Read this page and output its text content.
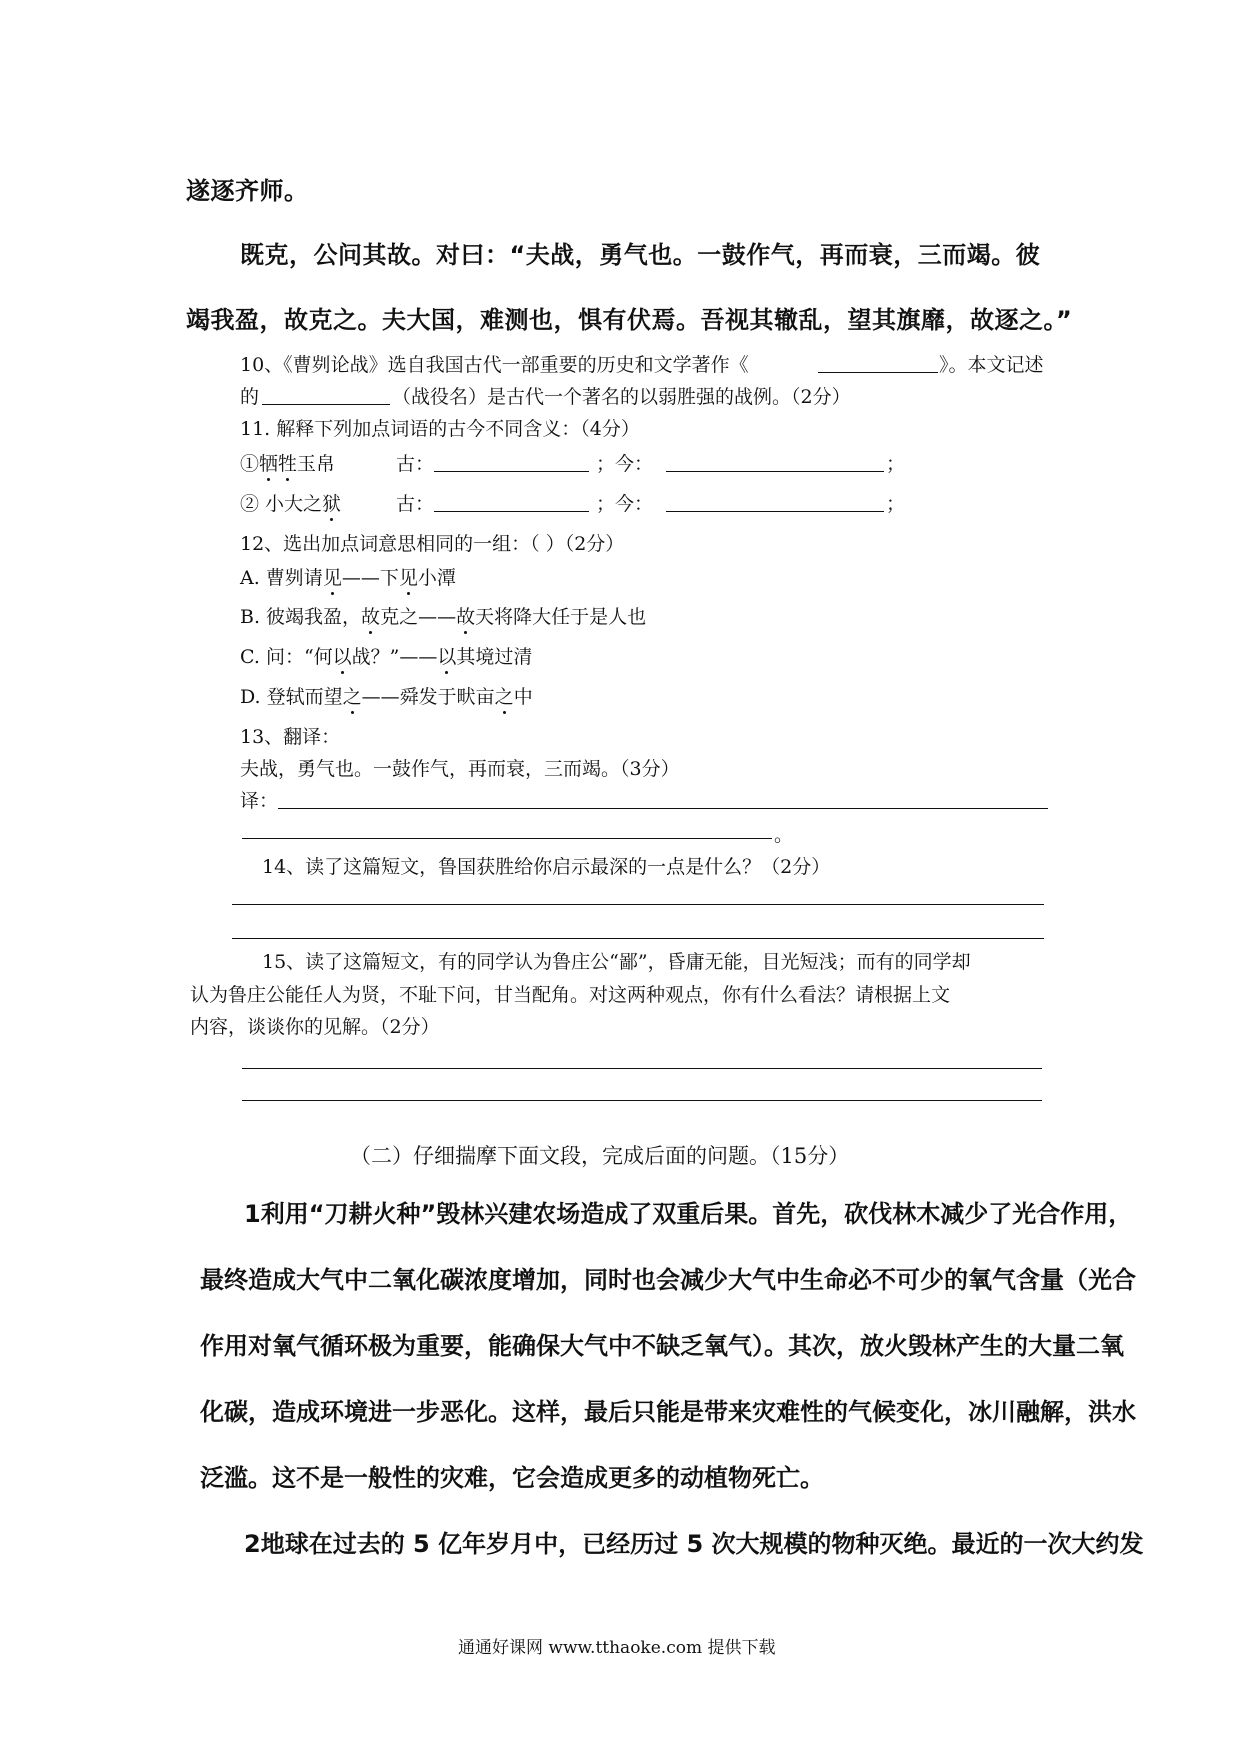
遂逐齐师。
既克，公问其故。对曰：“夫战，勇气也。一鼓作气，再而衰，三而竭。彼
竭我盈，故克之。夫大国，难测也，惧有伏焉。吾视其辙乱，望其旗靡，故逐之。”
10、《曹刿论战》选自我国古代一部重要的历史和文学著作《	》。本文记述
的	（战役名）是古代一个著名的以弱胜强的战例。（2分）
11. 解释下列加点词语的古今不同含义：（4分）
①牺牲玉帛	古：	；今：	；
② 小大之狱	古：	；今：	；
12、选出加点词意思相同的一组：（ ）（2分）
A. 曹刿请见——下见小潭
B. 彼竭我盈，故克之——故天将降大任于是人也
C. 问：“何以战？”——以其境过清
D. 登轼而望之——舜发于畎亩之中
13、翻译：
夫战，勇气也。一鼓作气，再而衰，三而竭。（3分）
译：
。
14、读了这篇短文，鲁国获胜给你启示最深的一点是什么？（2分）
15、读了这篇短文，有的同学认为鲁庄公“鄙”，昏庸无能，目光短浅；而有的同学却
认为鲁庄公能任人为贤，不耻下问，甘当配角。对这两种观点，你有什么看法？请根据上文
内容，谈谈你的见解。（2分）
（二）仔细揣摩下面文段，完成后面的问题。（15分）
1利用“刀耕火种”毁林兴建农场造成了双重后果。首先，砍伐林木减少了光合作用，
最终造成大气中二氧化碳浓度增加，同时也会减少大气中生命必不可少的氧气含量（光合
作用对氧气循环极为重要，能确保大气中不缺乏氧气）。其次，放火毁林产生的大量二氧
化碳，造成环境进一步恶化。这样，最后只能是带来灾难性的气候变化，冰川融解，洪水
泛滥。这不是一般性的灾难，它会造成更多的动植物死亡。
2地球在过去的 5 亿年岁月中，已经历过 5 次大规模的物种灭绝。最近的一次大约发
通通好课网 www.tthaoke.com 提供下载
